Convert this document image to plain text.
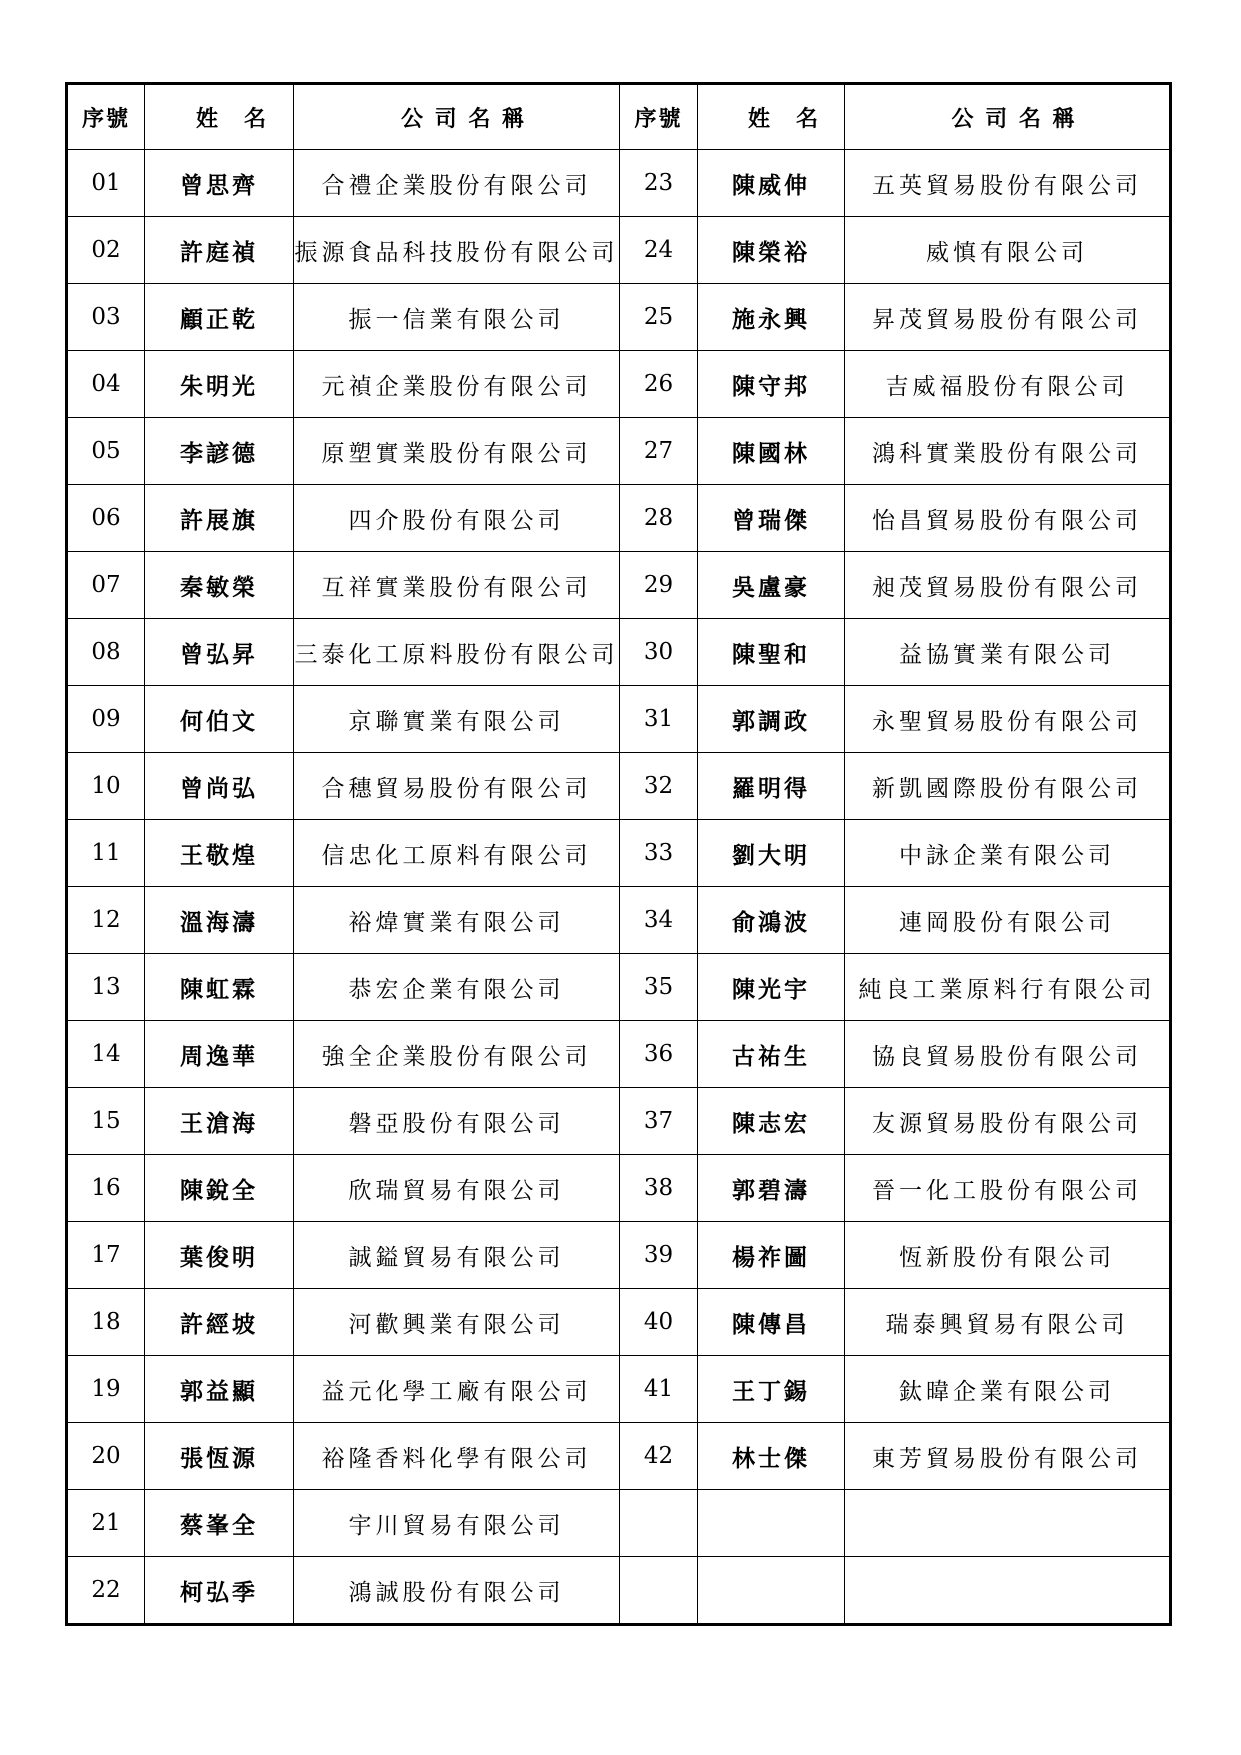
序號	姓　名	公 司 名 稱	序號	姓　名	公 司 名 稱
01	曾思齊	合禮企業股份有限公司	23	陳威伸	五英貿易股份有限公司
02	許庭禎	振源食品科技股份有限公司	24	陳榮裕	威慎有限公司
03	顧正乾	振一信業有限公司	25	施永興	昇茂貿易股份有限公司
04	朱明光	元禎企業股份有限公司	26	陳守邦	吉威福股份有限公司
05	李諺德	原塑實業股份有限公司	27	陳國林	鴻科實業股份有限公司
06	許展旗	四介股份有限公司	28	曾瑞傑	怡昌貿易股份有限公司
07	秦敏榮	互祥實業股份有限公司	29	吳盧豪	昶茂貿易股份有限公司
08	曾弘昇	三泰化工原料股份有限公司	30	陳聖和	益協實業有限公司
09	何伯文	京聯實業有限公司	31	郭調政	永聖貿易股份有限公司
10	曾尚弘	合穗貿易股份有限公司	32	羅明得	新凱國際股份有限公司
11	王敬煌	信忠化工原料有限公司	33	劉大明	中詠企業有限公司
12	溫海濤	裕煒實業有限公司	34	俞鴻波	連岡股份有限公司
13	陳虹霖	恭宏企業有限公司	35	陳光宇	純良工業原料行有限公司
14	周逸華	強全企業股份有限公司	36	古祐生	協良貿易股份有限公司
15	王滄海	磐亞股份有限公司	37	陳志宏	友源貿易股份有限公司
16	陳銳全	欣瑞貿易有限公司	38	郭碧濤	晉一化工股份有限公司
17	葉俊明	誠鎰貿易有限公司	39	楊祚圖	恆新股份有限公司
18	許經坡	河歡興業有限公司	40	陳傳昌	瑞泰興貿易有限公司
19	郭益顯	益元化學工廠有限公司	41	王丁錫	鈦暐企業有限公司
20	張恆源	裕隆香料化學有限公司	42	林士傑	東芳貿易股份有限公司
21	蔡峯全	宇川貿易有限公司			
22	柯弘季	鴻誠股份有限公司			
